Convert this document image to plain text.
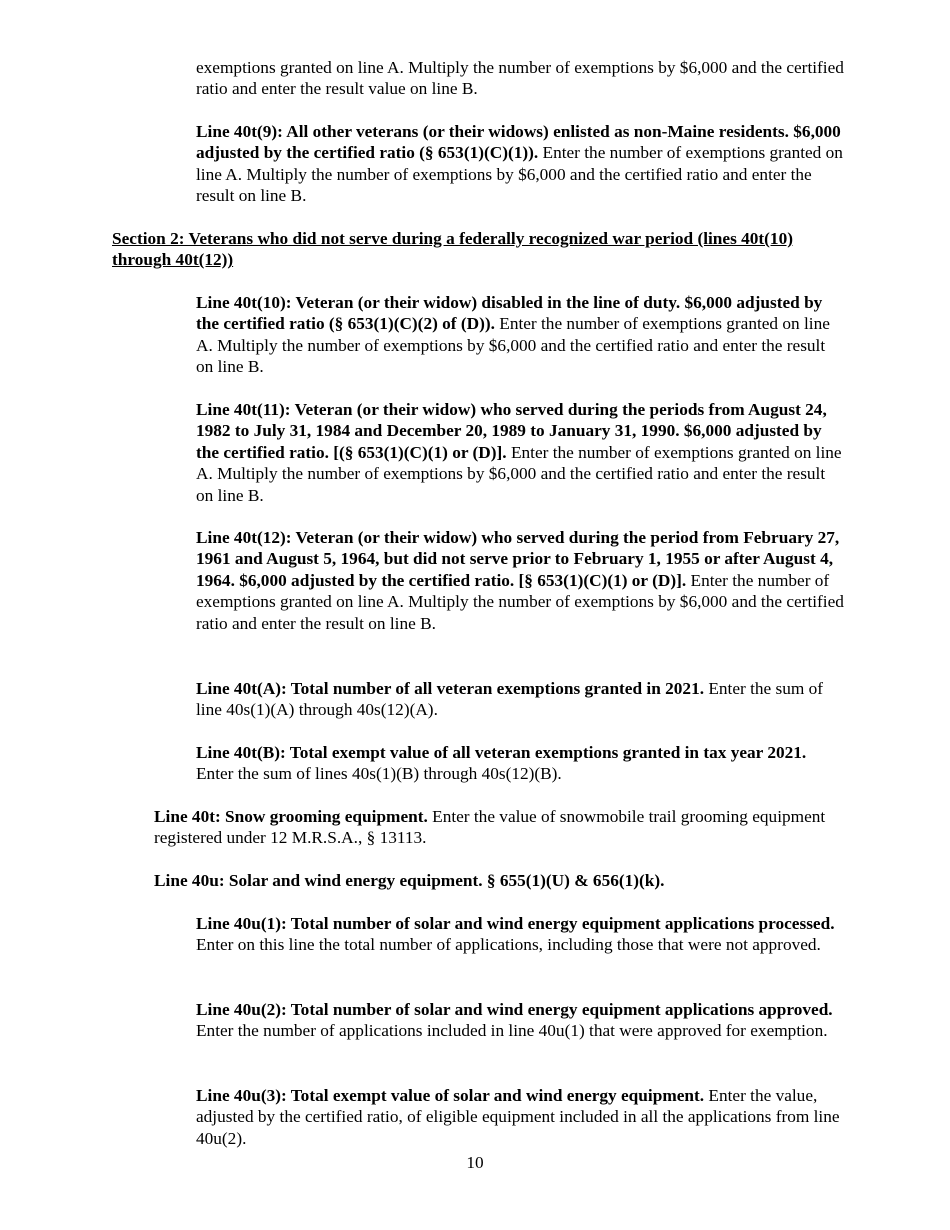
exemptions granted on line A. Multiply the number of exemptions by $6,000 and the certified ratio and enter the result value on line B.

Line 40t(9): All other veterans (or their widows) enlisted as non-Maine residents. $6,000 adjusted by the certified ratio (§ 653(1)(C)(1)). Enter the number of exemptions granted on line A. Multiply the number of exemptions by $6,000 and the certified ratio and enter the result on line B.

Section 2: Veterans who did not serve during a federally recognized war period (lines 40t(10) through 40t(12))

Line 40t(10): Veteran (or their widow) disabled in the line of duty. $6,000 adjusted by the certified ratio (§ 653(1)(C)(2) of (D)). Enter the number of exemptions granted on line A. Multiply the number of exemptions by $6,000 and the certified ratio and enter the result on line B.

Line 40t(11): Veteran (or their widow) who served during the periods from August 24, 1982 to July 31, 1984 and December 20, 1989 to January 31, 1990. $6,000 adjusted by the certified ratio. [(§ 653(1)(C)(1) or (D)]. Enter the number of exemptions granted on line A. Multiply the number of exemptions by $6,000 and the certified ratio and enter the result on line B.

Line 40t(12): Veteran (or their widow) who served during the period from February 27, 1961 and August 5, 1964, but did not serve prior to February 1, 1955 or after August 4, 1964. $6,000 adjusted by the certified ratio. [§ 653(1)(C)(1) or (D)]. Enter the number of exemptions granted on line A. Multiply the number of exemptions by $6,000 and the certified ratio and enter the result on line B.

Line 40t(A): Total number of all veteran exemptions granted in 2021. Enter the sum of line 40s(1)(A) through 40s(12)(A).

Line 40t(B): Total exempt value of all veteran exemptions granted in tax year 2021. Enter the sum of lines 40s(1)(B) through 40s(12)(B).

Line 40t: Snow grooming equipment. Enter the value of snowmobile trail grooming equipment registered under 12 M.R.S.A., § 13113.

Line 40u: Solar and wind energy equipment. § 655(1)(U) & 656(1)(k).

Line 40u(1): Total number of solar and wind energy equipment applications processed. Enter on this line the total number of applications, including those that were not approved.

Line 40u(2): Total number of solar and wind energy equipment applications approved. Enter the number of applications included in line 40u(1) that were approved for exemption.

Line 40u(3): Total exempt value of solar and wind energy equipment. Enter the value, adjusted by the certified ratio, of eligible equipment included in all the applications from line 40u(2).

10
